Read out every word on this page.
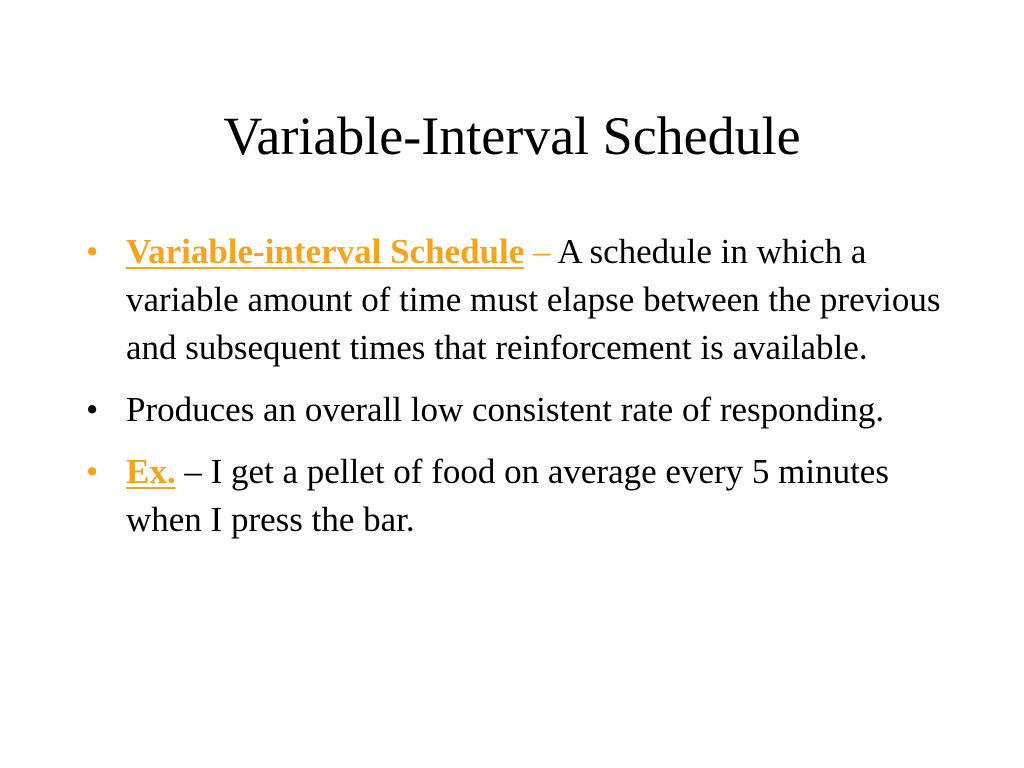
Variable-Interval Schedule
• Variable-interval Schedule – A schedule in which a variable amount of time must elapse between the previous and subsequent times that reinforcement is available.
• Produces an overall low consistent rate of responding.
• Ex. – I get a pellet of food on average every 5 minutes when I press the bar.
